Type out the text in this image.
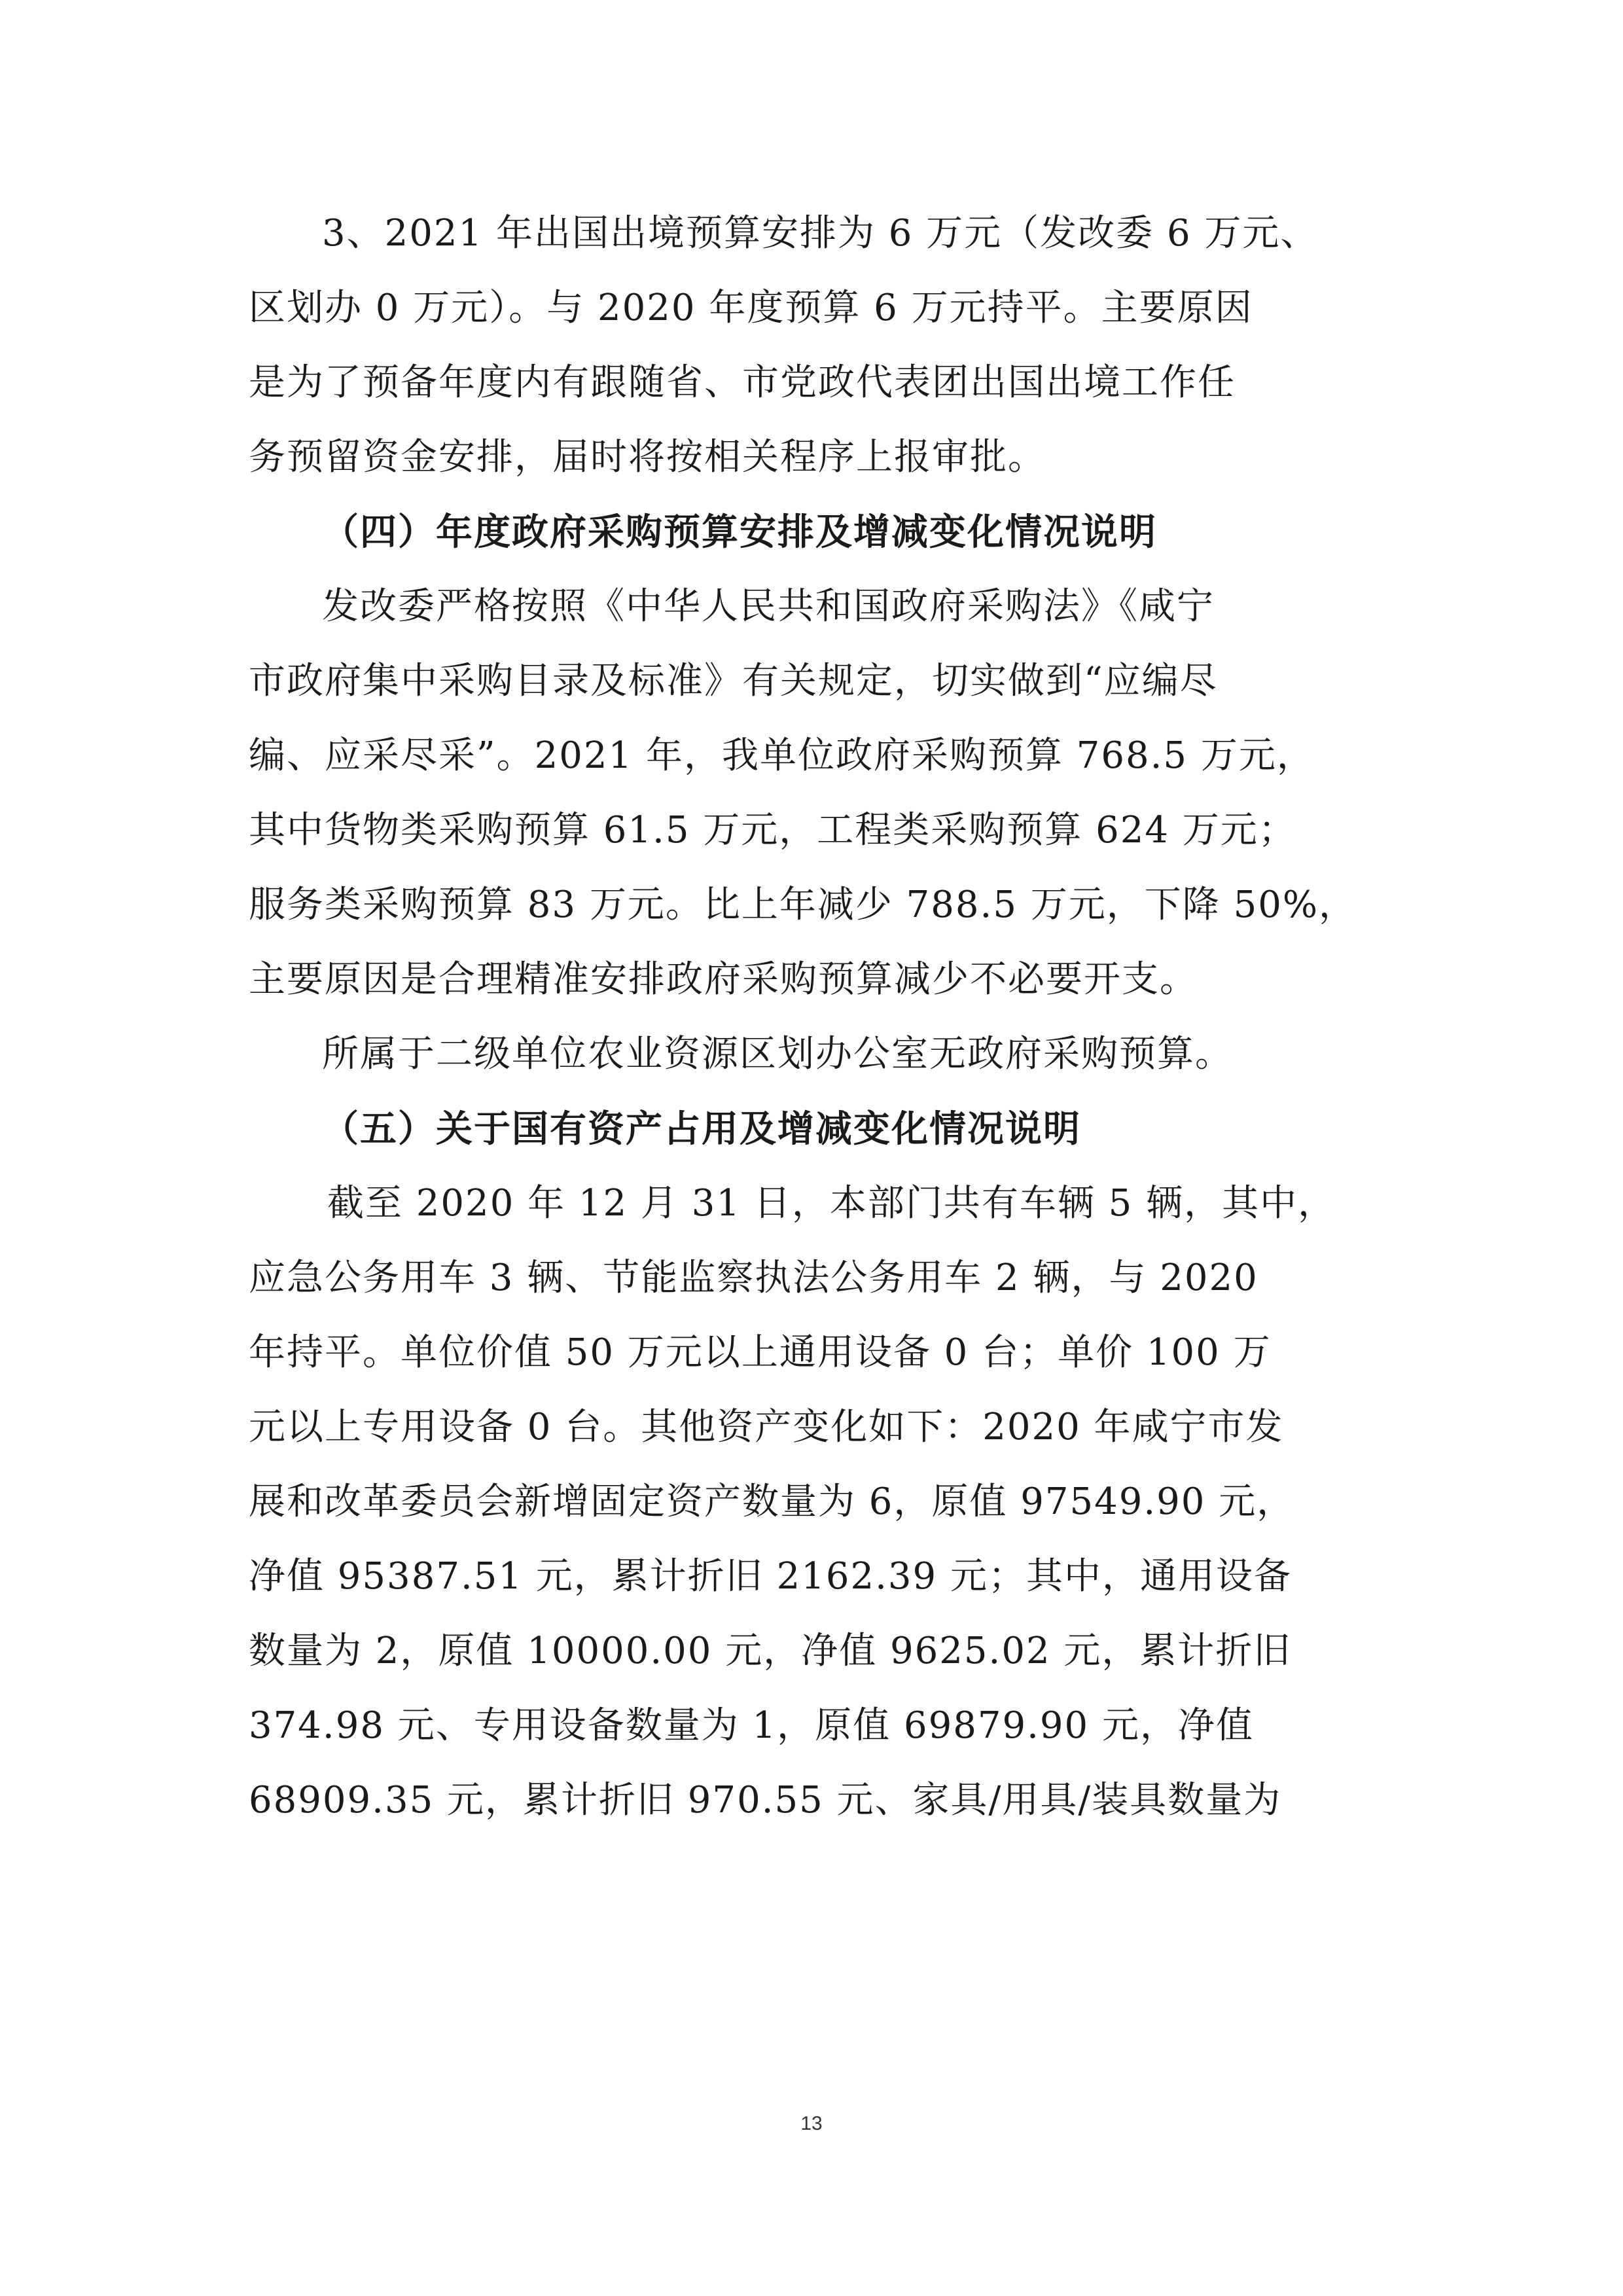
3、2021 年出国出境预算安排为 6 万元（发改委 6 万元、
区划办 0 万元）。与 2020 年度预算 6 万元持平。主要原因
是为了预备年度内有跟随省、市党政代表团出国出境工作任
务预留资金安排，届时将按相关程序上报审批。
（四）年度政府采购预算安排及增减变化情况说明
发改委严格按照《中华人民共和国政府采购法》《咸宁
市政府集中采购目录及标准》有关规定，切实做到“应编尽
编、应采尽采”。2021 年，我单位政府采购预算 768.5 万元，
其中货物类采购预算 61.5 万元，工程类采购预算 624 万元；
服务类采购预算 83 万元。比上年减少 788.5 万元，下降 50%，
主要原因是合理精准安排政府采购预算减少不必要开支。
所属于二级单位农业资源区划办公室无政府采购预算。
（五）关于国有资产占用及增减变化情况说明
截至 2020 年 12 月 31 日，本部门共有车辆 5 辆，其中，
应急公务用车 3 辆、节能监察执法公务用车 2 辆，与 2020
年持平。单位价值 50 万元以上通用设备 0 台；单价 100 万
元以上专用设备 0 台。其他资产变化如下：2020 年咸宁市发
展和改革委员会新增固定资产数量为 6，原值 97549.90 元，
净值 95387.51 元，累计折旧 2162.39 元；其中，通用设备
数量为 2，原值 10000.00 元，净值 9625.02 元，累计折旧
374.98 元、专用设备数量为 1，原值 69879.90 元，净值
68909.35 元，累计折旧 970.55 元、家具/用具/装具数量为
13
